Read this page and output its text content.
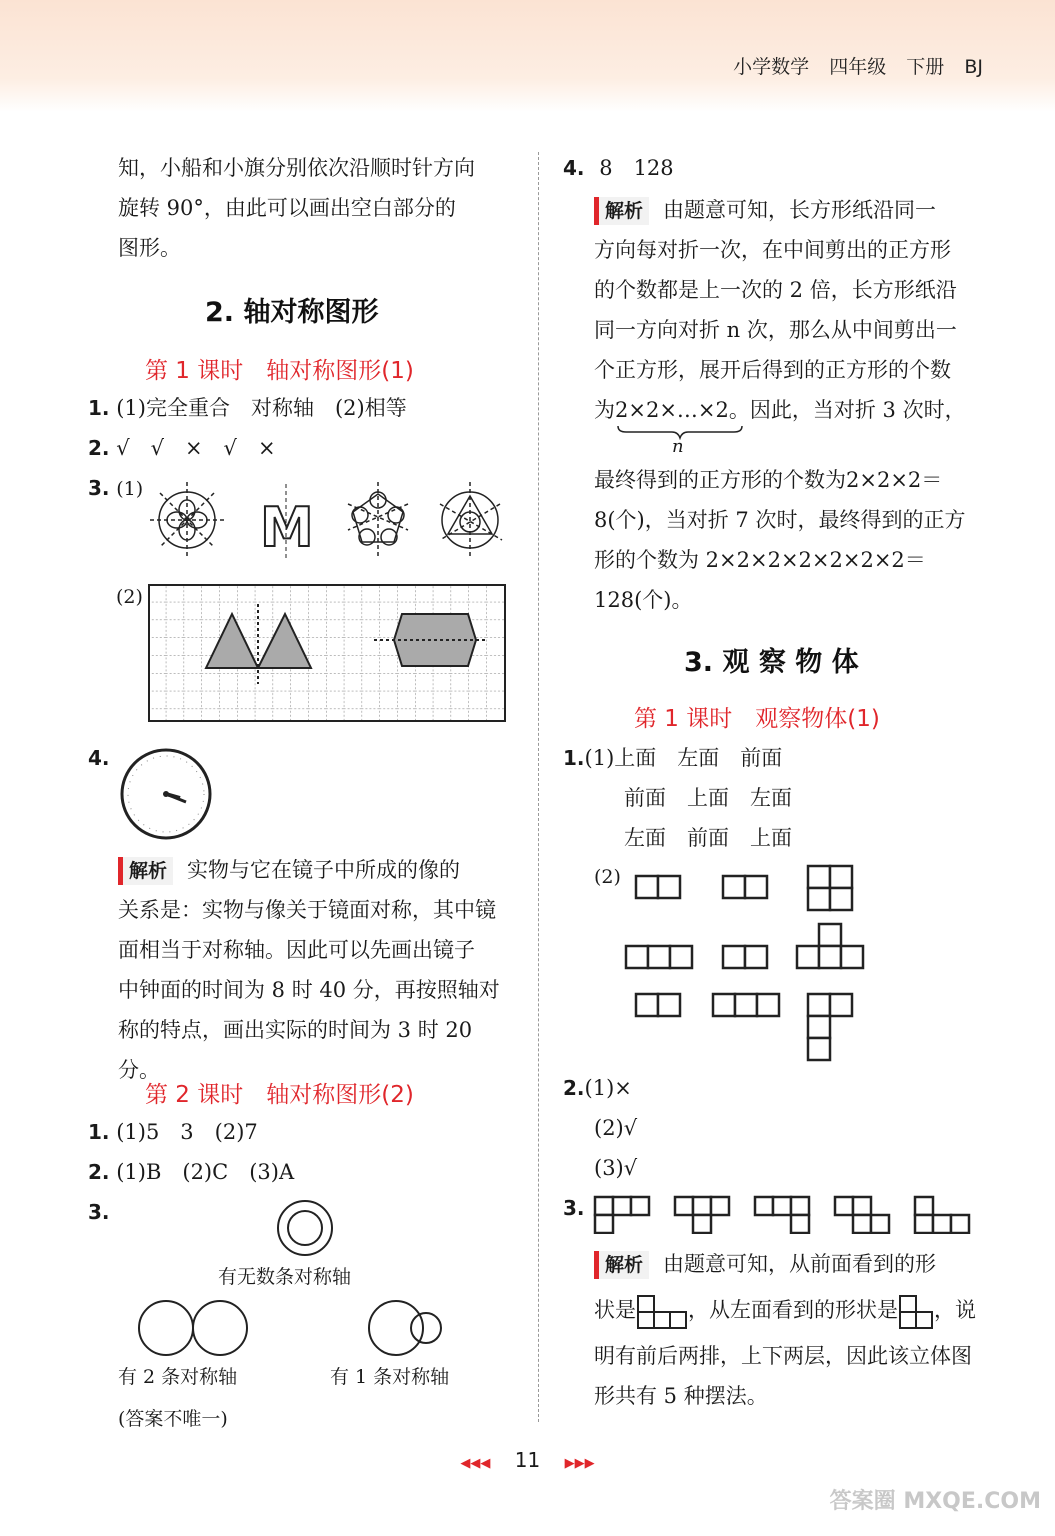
小学数学 四年级 下册 BJ
知，小船和小旗分别依次沿顺时针方向
旋转 90°，由此可以画出空白部分的
图形。
2. 轴对称图形
第 1 课时　轴对称图形(1)
1. (1)完全重合　对称轴　(2)相等
2. √　√　×　√　×
3. (1)
M
(2)
4.
解析 实物与它在镜子中所成的像的
关系是：实物与像关于镜面对称，其中镜
面相当于对称轴。因此可以先画出镜子
中钟面的时间为 8 时 40 分，再按照轴对
称的特点，画出实际的时间为 3 时 20 分。
第 2 课时　轴对称图形(2)
1. (1)5　3　(2)7
2. (1)B　(2)C　(3)A
3.
有无数条对称轴
有 2 条对称轴	有 1 条对称轴
(答案不唯一)
4. 8　128
解析 由题意可知，长方形纸沿同一
方向每对折一次，在中间剪出的正方形
的个数都是上一次的 2 倍，长方形纸沿
同一方向对折 n 次，那么从中间剪出一
个正方形，展开后得到的正方形的个数
为2×2×…×2。因此，当对折 3 次时，
n
最终得到的正方形的个数为2×2×2＝
8(个)，当对折 7 次时，最终得到的正方
形的个数为 2×2×2×2×2×2×2＝
128(个)。
3. 观 察 物 体
第 1 课时　观察物体(1)
1.(1)上面　左面　前面
前面　上面　左面
左面　前面　上面
(2)
2.(1)×
(2)√
(3)√
3.
解析 由题意可知，从前面看到的形
状是 ，从左面看到的形状是 ，说
明有前后两排，上下两层，因此该立体图
形共有 5 种摆法。
◀◀◀ 11 ▶▶▶
答案圈 MXQE.COM
